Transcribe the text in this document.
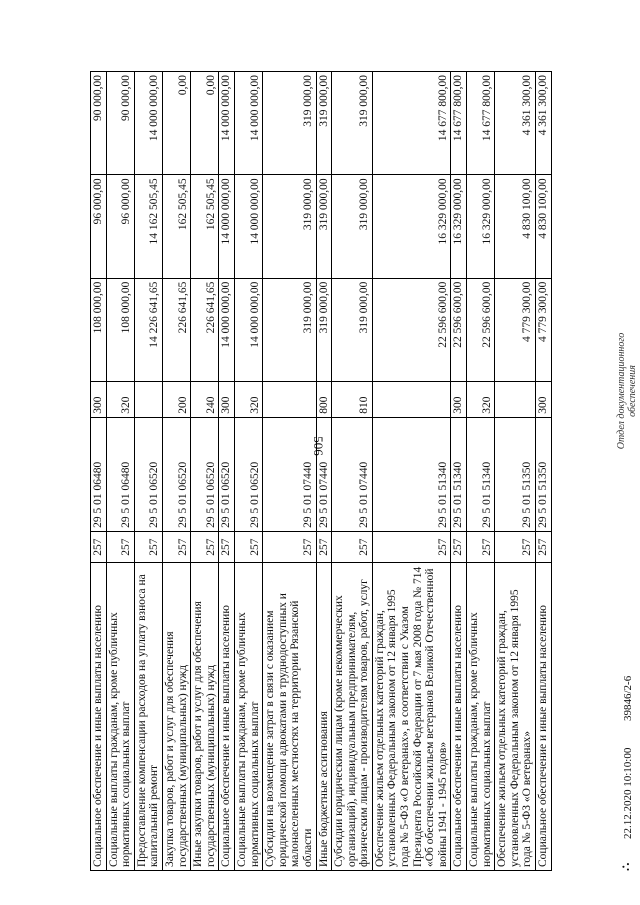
506
Социальное обеспечение и иные выплаты населению	257	29 5 01 06480	300	108 000,00	96 000,00	90 000,00
Социальные выплаты гражданам, кроме публичных нормативных социальных выплат	257	29 5 01 06480	320	108 000,00	96 000,00	90 000,00
Предоставление компенсации расходов на уплату взноса на капитальный ремонт	257	29 5 01 06520		14 226 641,65	14 162 505,45	14 000 000,00
Закупка товаров, работ и услуг для обеспечения государственных (муниципальных) нужд	257	29 5 01 06520	200	226 641,65	162 505,45	0,00
Иные закупки товаров, работ и услуг для обеспечения государственных (муниципальных) нужд	257	29 5 01 06520	240	226 641,65	162 505,45	0,00
Социальное обеспечение и иные выплаты населению	257	29 5 01 06520	300	14 000 000,00	14 000 000,00	14 000 000,00
Социальные выплаты гражданам, кроме публичных нормативных социальных выплат	257	29 5 01 06520	320	14 000 000,00	14 000 000,00	14 000 000,00
Субсидии на возмещение затрат в связи с оказанием юридической помощи адвокатами в труднодоступных и малонаселенных местностях на территории Рязанской области	257	29 5 01 07440		319 000,00	319 000,00	319 000,00
Иные бюджетные ассигнования	257	29 5 01 07440	800	319 000,00	319 000,00	319 000,00
Субсидии юридическим лицам (кроме некоммерческих организаций), индивидуальным предпринимателям, физическим лицам - производителям товаров, работ, услуг	257	29 5 01 07440	810	319 000,00	319 000,00	319 000,00
Обеспечение жильем отдельных категорий граждан, установленных Федеральным законом от 12 января 1995 года № 5-ФЗ «О ветеранах», в соответствии с Указом Президента Российской Федерации от 7 мая 2008 года № 714 «Об обеспечении жильем ветеранов Великой Отечественной войны 1941 - 1945 годов»	257	29 5 01 51340		22 596 600,00	16 329 000,00	14 677 800,00
Социальное обеспечение и иные выплаты населению	257	29 5 01 51340	300	22 596 600,00	16 329 000,00	14 677 800,00
Социальные выплаты гражданам, кроме публичных нормативных социальных выплат	257	29 5 01 51340	320	22 596 600,00	16 329 000,00	14 677 800,00
Обеспечение жильем отдельных категорий граждан, установленных Федеральным законом от 12 января 1995 года № 5-ФЗ «О ветеранах»	257	29 5 01 51350		4 779 300,00	4 830 100,00	4 361 300,00
Социальное обеспечение и иные выплаты населению	257	29 5 01 51350	300	4 779 300,00	4 830 100,00	4 361 300,00
⛬
22.12.2020 10:10:00
39846/2-6
Отдел документационного обеспечения
